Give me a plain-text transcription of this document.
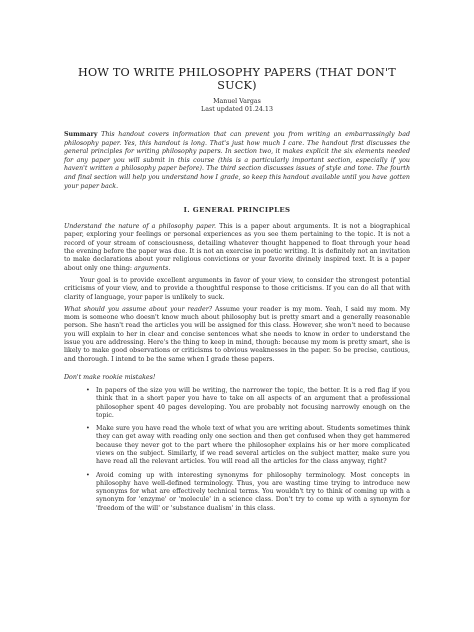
HOW TO WRITE PHILOSOPHY PAPERS (THAT DON'T SUCK)
Manuel Vargas
Last updated 01.24.13
Summary This handout covers information that can prevent you from writing an embarrassingly bad philosophy paper. Yes, this handout is long. That's just how much I care. The handout first discusses the general principles for writing philosophy papers. In section two, it makes explicit the six elements needed for any paper you will submit in this course (this is a particularly important section, especially if you haven't written a philosophy paper before). The third section discusses issues of style and tone. The fourth and final section will help you understand how I grade, so keep this handout available until you have gotten your paper back.
I. GENERAL PRINCIPLES

Understand the nature of a philosophy paper. This is a paper about arguments. It is not a biographical paper, exploring your feelings or personal experiences as you see them pertaining to the topic. It is not a record of your stream of consciousness, detailing whatever thought happened to float through your head the evening before the paper was due. It is not an exercise in poetic writing. It is definitely not an invitation to make declarations about your religious convictions or your favorite divinely inspired text. It is a paper about only one thing: arguments.

Your goal is to provide excellent arguments in favor of your view, to consider the strongest potential criticisms of your view, and to provide a thoughtful response to those criticisms. If you can do all that with clarity of language, your paper is unlikely to suck.

What should you assume about your reader? Assume your reader is my mom. Yeah, I said my mom. My mom is someone who doesn't know much about philosophy but is pretty smart and a generally reasonable person. She hasn't read the articles you will be assigned for this class. However, she won't need to because you will explain to her in clear and concise sentences what she needs to know in order to understand the issue you are addressing. Here's the thing to keep in mind, though: because my mom is pretty smart, she is likely to make good observations or criticisms to obvious weaknesses in the paper. So be precise, cautious, and thorough. I intend to be the same when I grade these papers.

Don't make rookie mistakes!
• In papers of the size you will be writing, the narrower the topic, the better. It is a red flag if you think that in a short paper you have to take on all aspects of an argument that a professional philosopher spent 40 pages developing. You are probably not focusing narrowly enough on the topic.
• Make sure you have read the whole text of what you are writing about. Students sometimes think they can get away with reading only one section and then get confused when they get hammered because they never got to the part where the philosopher explains his or her more complicated views on the subject. Similarly, if we read several articles on the subject matter, make sure you have read all the relevant articles. You will read all the articles for the class anyway, right?
• Avoid coming up with interesting synonyms for philosophy terminology. Most concepts in philosophy have well-defined terminology. Thus, you are wasting time trying to introduce new synonyms for what are effectively technical terms. You wouldn't try to think of coming up with a synonym for 'enzyme' or 'molecule' in a science class. Don't try to come up with a synonym for 'freedom of the will' or 'substance dualism' in this class.
